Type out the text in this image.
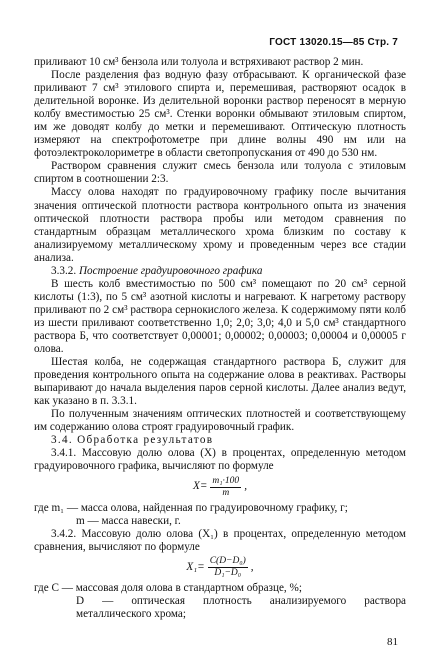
ГОСТ 13020.15—85 Стр. 7

приливают 10 см³ бензола или толуола и встряхивают раствор 2 мин.

После разделения фаз водную фазу отбрасывают. К органической фазе приливают 7 см³ этилового спирта и, перемешивая, растворяют осадок в делительной воронке. Из делительной воронки раствор переносят в мерную колбу вместимостью 25 см³. Стенки воронки обмывают этиловым спиртом, им же доводят колбу до метки и перемешивают. Оптическую плотность измеряют на спектрофотометре при длине волны 490 нм или на фотоэлектроколориметре в области светопропускания от 490 до 530 нм.

Раствором сравнения служит смесь бензола или толуола с этиловым спиртом в соотношении 2:3.

Массу олова находят по градуировочному графику после вычитания значения оптической плотности раствора контрольного опыта из значения оптической плотности раствора пробы или методом сравнения по стандартным образцам металлического хрома близким по составу к анализируемому металлическому хрому и проведенным через все стадии анализа.

3.3.2. Построение градуировочного графика

В шесть колб вместимостью по 500 см³ помещают по 20 см³ серной кислоты (1:3), по 5 см³ азотной кислоты и нагревают. К нагретому раствору приливают по 2 см³ раствора сернокислого железа. К содержимому пяти колб из шести приливают соответственно 1,0; 2,0; 3,0; 4,0 и 5,0 см³ стандартного раствора Б, что соответствует 0,00001; 0,00002; 0,00003; 0,00004 и 0,00005 г олова.

Шестая колба, не содержащая стандартного раствора Б, служит для проведения контрольного опыта на содержание олова в реактивах. Растворы выпаривают до начала выделения паров серной кислоты. Далее анализ ведут, как указано в п. 3.3.1.

По полученным значениям оптических плотностей и соответствующему им содержанию олова строят градуировочный график.

3.4. Обработка результатов

3.4.1. Массовую долю олова (X) в процентах, определенную методом градуировочного графика, вычисляют по формуле

$X= \frac{\text{m₁·100}}{m}$ ,

где m₁ — масса олова, найденная по градуировочному графику, г;

m — масса навески, г.

3.4.2. Массовую долю олова (X₁) в процентах, определенную методом сравнения, вычисляют по формуле

$X_1= \frac{\text{C(D−D₀)}}{\text{D₁−D₀}}$ ,

где C — массовая доля олова в стандартном образце, %;

D — оптическая плотность анализируемого раствора металлического хрома;

81
